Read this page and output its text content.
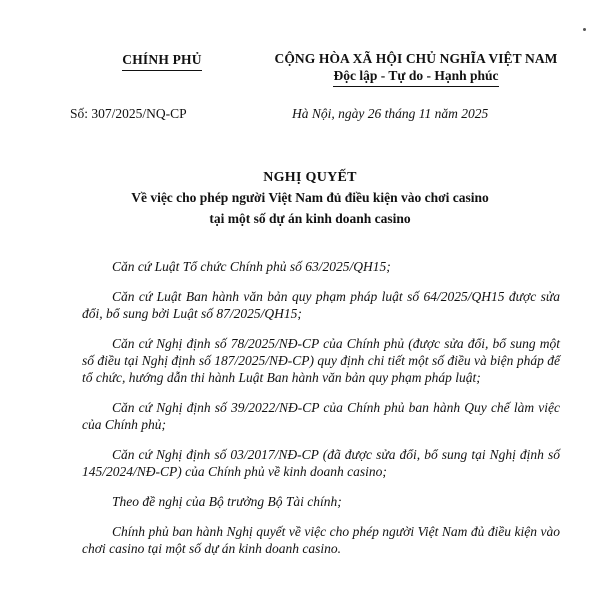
CHÍNH PHỦ	CỘNG HÒA XÃ HỘI CHỦ NGHĨA VIỆT NAM
Độc lập - Tự do - Hạnh phúc
Số: 307/2025/NQ-CP	Hà Nội, ngày 26 tháng 11 năm 2025
NGHỊ QUYẾT
Về việc cho phép người Việt Nam đủ điều kiện vào chơi casino
tại một số dự án kinh doanh casino

Căn cứ Luật Tổ chức Chính phủ số 63/2025/QH15;

Căn cứ Luật Ban hành văn bản quy phạm pháp luật số 64/2025/QH15 được sửa đổi, bổ sung bởi Luật số 87/2025/QH15;

Căn cứ Nghị định số 78/2025/NĐ-CP của Chính phủ (được sửa đổi, bổ sung một số điều tại Nghị định số 187/2025/NĐ-CP) quy định chi tiết một số điều và biện pháp để tổ chức, hướng dẫn thi hành Luật Ban hành văn bản quy phạm pháp luật;

Căn cứ Nghị định số 39/2022/NĐ-CP của Chính phủ ban hành Quy chế làm việc của Chính phủ;

Căn cứ Nghị định số 03/2017/NĐ-CP (đã được sửa đổi, bổ sung tại Nghị định số 145/2024/NĐ-CP) của Chính phủ về kinh doanh casino;

Theo đề nghị của Bộ trưởng Bộ Tài chính;

Chính phủ ban hành Nghị quyết về việc cho phép người Việt Nam đủ điều kiện vào chơi casino tại một số dự án kinh doanh casino.
